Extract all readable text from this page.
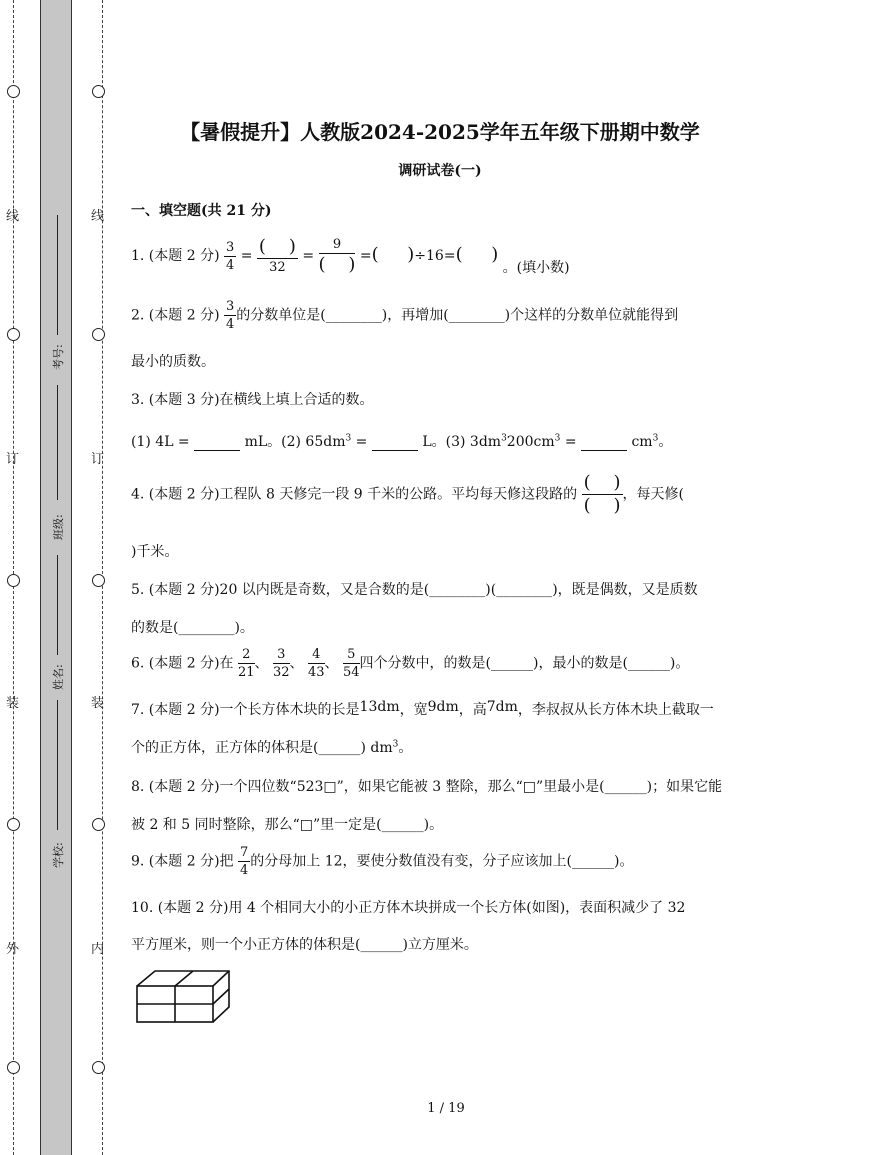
线
订
装
外
线
订
装
内
考号:
班级:
姓名:
学校:
【暑假提升】人教版2024-2025学年五年级下册期中数学
调研试卷(一)
一、填空题(共 21 分)
1. (本题 2 分) $\frac{3}{4} = \frac{( )}{32} = \frac{9}{( )}$ =(     )÷16=(     ) 。(填小数)
2. (本题 2 分) $\frac{3}{4}$ 的分数单位是(________)，再增加(________)个这样的分数单位就能得到
最小的质数。
3. (本题 3 分)在横线上填上合适的数。
(1) 4L =	mL。(2) $65dm^3$ =	L。(3) $3dm^3200cm^3$ =	$cm^3$。
4. (本题 2 分)工程队 8 天修完一段 9 千米的公路。平均每天修这段路的 $\frac{( )}{( )}$ ，每天修(
)千米。
5. (本题 2 分)20 以内既是奇数，又是合数的是(________)(________)，既是偶数，又是质数
的数是(________)。
6. (本题 2 分)在 $\frac{2}{21}$ 、 $\frac{3}{32}$ 、 $\frac{4}{43}$ 、 $\frac{5}{54}$ 四个分数中，的数是(______)，最小的数是(______)。
7. (本题 2 分)一个长方体木块的长是13dm，宽9dm，高7dm，李叔叔从长方体木块上截取一
个的正方体，正方体的体积是(______) $dm^3$。
8. (本题 2 分)一个四位数“523□”，如果它能被 3 整除，那么“□”里最小是(______)；如果它能
被 2 和 5 同时整除，那么“□”里一定是(______)。
9. (本题 2 分)把 $\frac{7}{4}$ 的分母加上 12，要使分数值没有变，分子应该加上(______)。
10. (本题 2 分)用 4 个相同大小的小正方体木块拼成一个长方体(如图)，表面积减少了 32
平方厘米，则一个小正方体的体积是(______)立方厘米。
1 / 19
